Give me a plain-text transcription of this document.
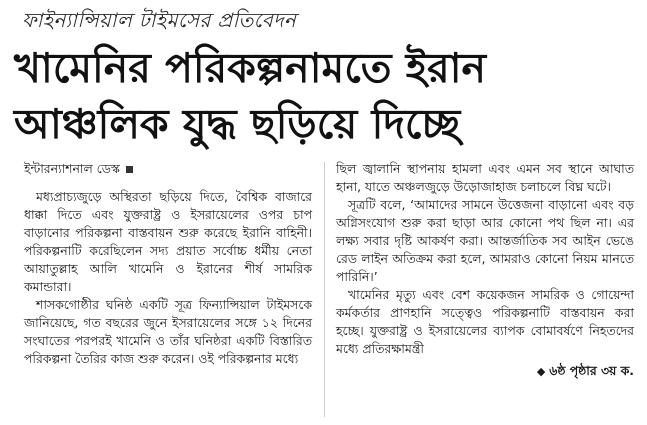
ফাইন্যান্সিয়াল টাইমসের প্রতিবেদন
খামেনির পরিকল্পনামতে ইরান
আঞ্চলিক যুদ্ধ ছড়িয়ে দিচ্ছে
ইন্টারন্যাশনাল ডেস্ক

মধ্যপ্রাচ্যজুড়ে অস্থিরতা ছড়িয়ে দিতে, বৈশ্বিক বাজারে ধাক্কা দিতে এবং যুক্তরাষ্ট্র ও ইসরায়েলের ওপর চাপ বাড়ানোর পরিকল্পনা বাস্তবায়ন শুরু করেছে ইরানি বাহিনী। পরিকল্পনাটি করেছিলেন সদ্য প্রয়াত সর্বোচ্চ ধর্মীয় নেতা আয়াতুল্লাহ আলি খামেনি ও ইরানের শীর্ষ সামরিক কমান্ডারা।

শাসকগোষ্ঠীর ঘনিষ্ঠ একটি সূত্র ফিন্যান্সিয়াল টাইমসকে জানিয়েছে, গত বছরের জুনে ইসরায়েলের সঙ্গে ১২ দিনের সংঘাতের পরপরই খামেনি ও তাঁর ঘনিষ্ঠরা একটি বিস্তারিত পরিকল্পনা তৈরির কাজ শুরু করেন। ওই পরিকল্পনার মধ্যে

ছিল জ্বালানি স্থাপনায় হামলা এবং এমন সব স্থানে আঘাত হানা, যাতে অঞ্চলজুড়ে উড়োজাহাজ চলাচলে বিঘ্ন ঘটে।

সূত্রটি বলে, ‘আমাদের সামনে উত্তেজনা বাড়ানো এবং বড় অগ্নিসংযোগ শুরু করা ছাড়া আর কোনো পথ ছিল না। এর লক্ষ্য সবার দৃষ্টি আকর্ষণ করা। আন্তর্জাতিক সব আইন ভেঙে রেড লাইন অতিক্রম করা হলে, আমরাও কোনো নিয়ম মানতে পারিনি।’

খামেনির মৃত্যু এবং বেশ কয়েকজন সামরিক ও গোয়েন্দা কর্মকর্তার প্রাণহানি সত্ত্বেও পরিকল্পনাটি বাস্তবায়ন করা হচ্ছে। যুক্তরাষ্ট্র ও ইসরায়েলের ব্যাপক বোমাবর্ষণে নিহতদের মধ্যে প্রতিরক্ষামন্ত্রী

◆ ৬ষ্ঠ পৃষ্ঠার ৩য় ক.
